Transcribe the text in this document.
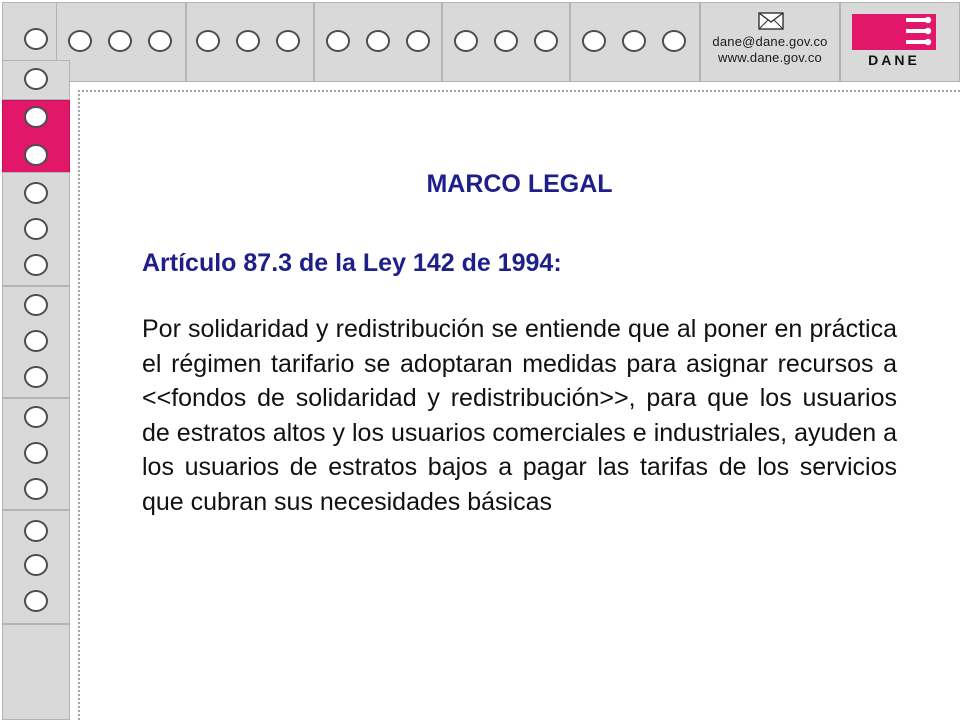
dane@dane.gov.co
www.dane.gov.co	DANE
MARCO LEGAL
Artículo 87.3 de la Ley 142 de 1994:

Por solidaridad y redistribución se entiende que al poner en práctica el régimen tarifario se adoptaran medidas para asignar recursos a <<fondos de solidaridad y redistribución>>, para que los usuarios de estratos altos y los usuarios comerciales e industriales, ayuden a los usuarios de estratos bajos a pagar las tarifas de los servicios que cubran sus necesidades básicas
